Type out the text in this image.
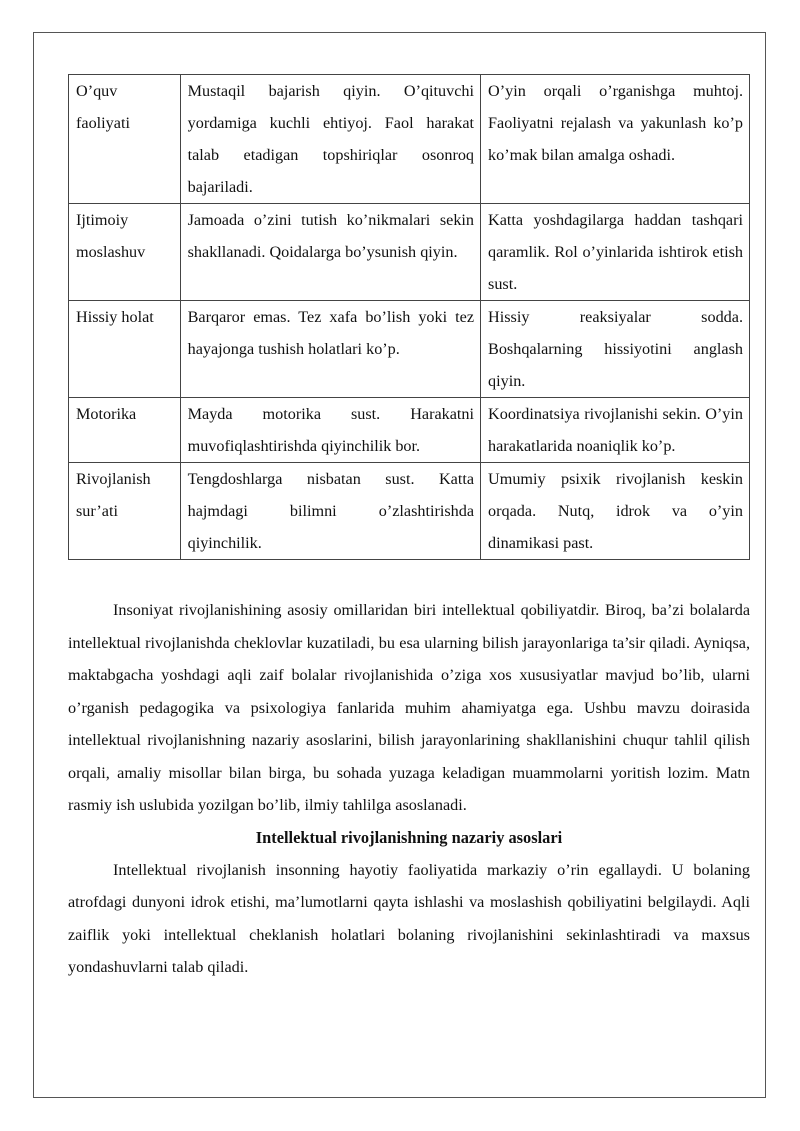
O’quv faoliyati	Mustaqil bajarish qiyin. O’qituvchi yordamiga kuchli ehtiyoj. Faol harakat talab etadigan topshiriqlar osonroq bajariladi.	O’yin orqali o’rganishga muhtoj. Faoliyatni rejalash va yakunlash ko’p ko’mak bilan amalga oshadi.
Ijtimoiy moslashuv	Jamoada o’zini tutish ko’nikmalari sekin shakllanadi. Qoidalarga bo’ysunish qiyin.	Katta yoshdagilarga haddan tashqari qaramlik. Rol o’yinlarida ishtirok etish sust.
Hissiy holat	Barqaror emas. Tez xafa bo’lish yoki tez hayajonga tushish holatlari ko’p.	Hissiy reaksiyalar sodda. Boshqalarning hissiyotini anglash qiyin.
Motorika	Mayda motorika sust. Harakatni muvofiqlashtirishda qiyinchilik bor.	Koordinatsiya rivojlanishi sekin. O’yin harakatlarida noaniqlik ko’p.
Rivojlanish sur’ati	Tengdoshlarga nisbatan sust. Katta hajmdagi bilimni o’zlashtirishda qiyinchilik.	Umumiy psixik rivojlanish keskin orqada. Nutq, idrok va o’yin dinamikasi past.

Insoniyat rivojlanishining asosiy omillaridan biri intellektual qobiliyatdir. Biroq, ba’zi bolalarda intellektual rivojlanishda cheklovlar kuzatiladi, bu esa ularning bilish jarayonlariga ta’sir qiladi. Ayniqsa, maktabgacha yoshdagi aqli zaif bolalar rivojlanishida o’ziga xos xususiyatlar mavjud bo’lib, ularni o’rganish pedagogika va psixologiya fanlarida muhim ahamiyatga ega. Ushbu mavzu doirasida intellektual rivojlanishning nazariy asoslarini, bilish jarayonlarining shakllanishini chuqur tahlil qilish orqali, amaliy misollar bilan birga, bu sohada yuzaga keladigan muammolarni yoritish lozim. Matn rasmiy ish uslubida yozilgan bo’lib, ilmiy tahlilga asoslanadi.

Intellektual rivojlanishning nazariy asoslari

Intellektual rivojlanish insonning hayotiy faoliyatida markaziy o’rin egallaydi. U bolaning atrofdagi dunyoni idrok etishi, ma’lumotlarni qayta ishlashi va moslashish qobiliyatini belgilaydi. Aqli zaiflik yoki intellektual cheklanish holatlari bolaning rivojlanishini sekinlashtiradi va maxsus yondashuvlarni talab qiladi.
